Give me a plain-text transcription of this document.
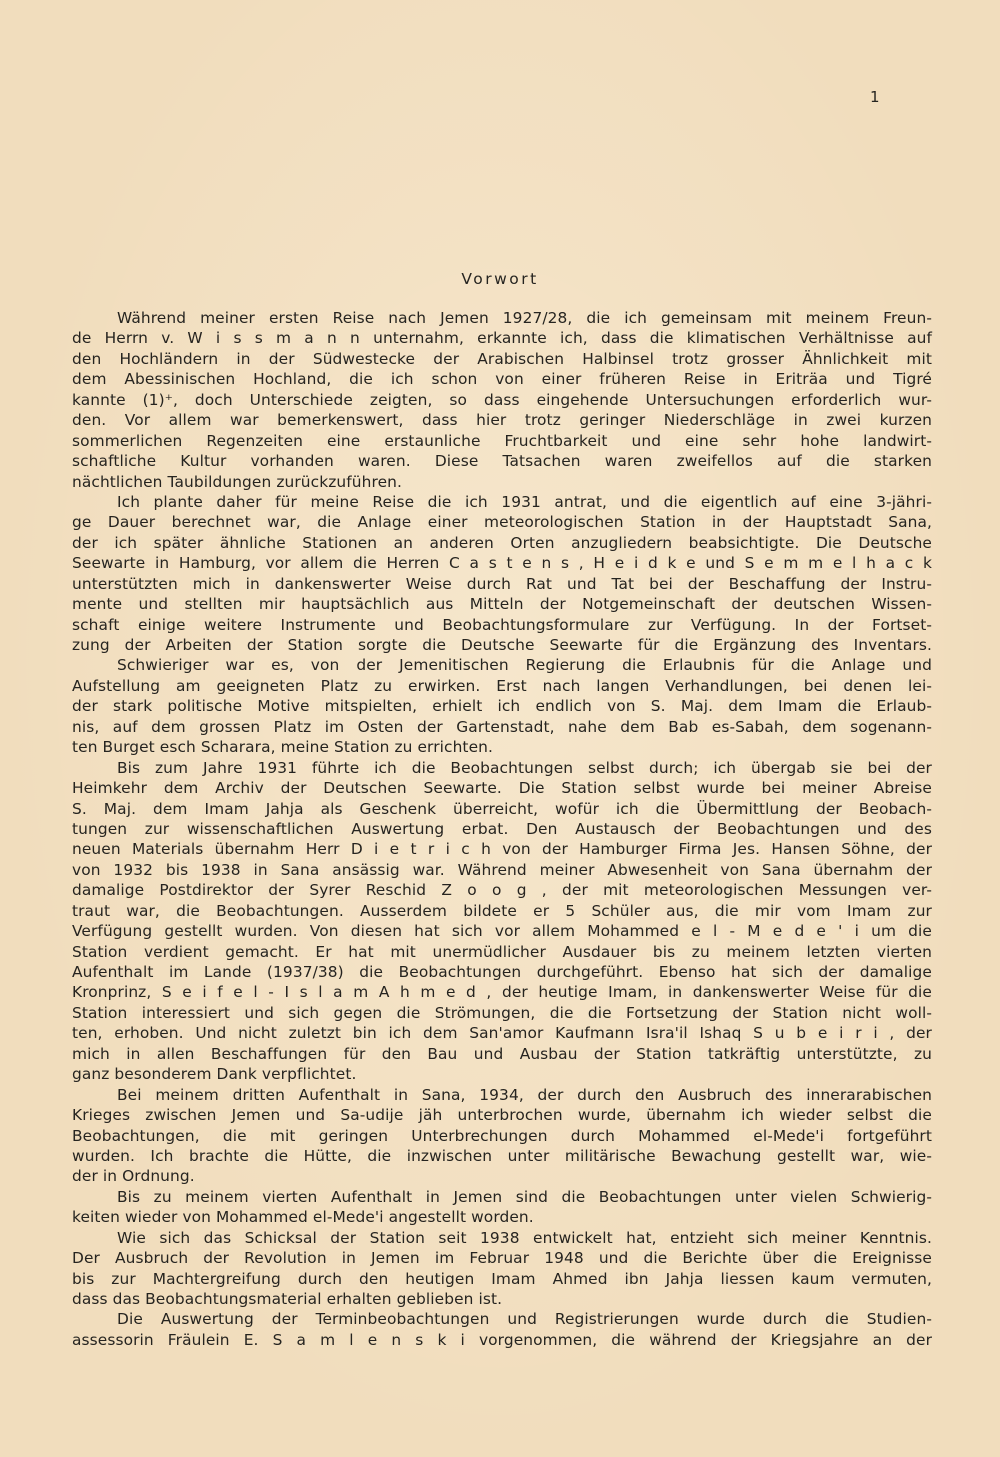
1
Vorwort
Während meiner ersten Reise nach Jemen 1927/28, die ich gemeinsam mit meinem Freun-
de Herrn v. W i s s m a n n unternahm, erkannte ich, dass die klimatischen Verhältnisse auf
den Hochländern in der Südwestecke der Arabischen Halbinsel trotz grosser Ähnlichkeit mit
dem Abessinischen Hochland, die ich schon von einer früheren Reise in Eriträa und Tigré
kannte (1)⁺, doch Unterschiede zeigten, so dass eingehende Untersuchungen erforderlich wur-
den. Vor allem war bemerkenswert, dass hier trotz geringer Niederschläge in zwei kurzen
sommerlichen Regenzeiten eine erstaunliche Fruchtbarkeit und eine sehr hohe landwirt-
schaftliche Kultur vorhanden waren. Diese Tatsachen waren zweifellos auf die starken
nächtlichen Taubildungen zurückzuführen.
Ich plante daher für meine Reise die ich 1931 antrat, und die eigentlich auf eine 3-jähri-
ge Dauer berechnet war, die Anlage einer meteorologischen Station in der Hauptstadt Sana,
der ich später ähnliche Stationen an anderen Orten anzugliedern beabsichtigte. Die Deutsche
Seewarte in Hamburg, vor allem die Herren C a s t e n s , H e i d k e und S e m m e l h a c k
unterstützten mich in dankenswerter Weise durch Rat und Tat bei der Beschaffung der Instru-
mente und stellten mir hauptsächlich aus Mitteln der Notgemeinschaft der deutschen Wissen-
schaft einige weitere Instrumente und Beobachtungsformulare zur Verfügung. In der Fortset-
zung der Arbeiten der Station sorgte die Deutsche Seewarte für die Ergänzung des Inventars.
Schwieriger war es, von der Jemenitischen Regierung die Erlaubnis für die Anlage und
Aufstellung am geeigneten Platz zu erwirken. Erst nach langen Verhandlungen, bei denen lei-
der stark politische Motive mitspielten, erhielt ich endlich von S. Maj. dem Imam die Erlaub-
nis, auf dem grossen Platz im Osten der Gartenstadt, nahe dem Bab es-Sabah, dem sogenann-
ten Burget esch Scharara, meine Station zu errichten.
Bis zum Jahre 1931 führte ich die Beobachtungen selbst durch; ich übergab sie bei der
Heimkehr dem Archiv der Deutschen Seewarte. Die Station selbst wurde bei meiner Abreise
S. Maj. dem Imam Jahja als Geschenk überreicht, wofür ich die Übermittlung der Beobach-
tungen zur wissenschaftlichen Auswertung erbat. Den Austausch der Beobachtungen und des
neuen Materials übernahm Herr D i e t r i c h von der Hamburger Firma Jes. Hansen Söhne, der
von 1932 bis 1938 in Sana ansässig war. Während meiner Abwesenheit von Sana übernahm der
damalige Postdirektor der Syrer Reschid Z o o g , der mit meteorologischen Messungen ver-
traut war, die Beobachtungen. Ausserdem bildete er 5 Schüler aus, die mir vom Imam zur
Verfügung gestellt wurden. Von diesen hat sich vor allem Mohammed e l - M e d e ' i um die
Station verdient gemacht. Er hat mit unermüdlicher Ausdauer bis zu meinem letzten vierten
Aufenthalt im Lande (1937/38) die Beobachtungen durchgeführt. Ebenso hat sich der damalige
Kronprinz, S e i f e l - I s l a m A h m e d , der heutige Imam, in dankenswerter Weise für die
Station interessiert und sich gegen die Strömungen, die die Fortsetzung der Station nicht woll-
ten, erhoben. Und nicht zuletzt bin ich dem San'amor Kaufmann Isra'il Ishaq S u b e i r i , der
mich in allen Beschaffungen für den Bau und Ausbau der Station tatkräftig unterstützte, zu
ganz besonderem Dank verpflichtet.
Bei meinem dritten Aufenthalt in Sana, 1934, der durch den Ausbruch des innerarabischen
Krieges zwischen Jemen und Sa-udije jäh unterbrochen wurde, übernahm ich wieder selbst die
Beobachtungen, die mit geringen Unterbrechungen durch Mohammed el-Mede'i fortgeführt
wurden. Ich brachte die Hütte, die inzwischen unter militärische Bewachung gestellt war, wie-
der in Ordnung.
Bis zu meinem vierten Aufenthalt in Jemen sind die Beobachtungen unter vielen Schwierig-
keiten wieder von Mohammed el-Mede'i angestellt worden.
Wie sich das Schicksal der Station seit 1938 entwickelt hat, entzieht sich meiner Kenntnis.
Der Ausbruch der Revolution in Jemen im Februar 1948 und die Berichte über die Ereignisse
bis zur Machtergreifung durch den heutigen Imam Ahmed ibn Jahja liessen kaum vermuten,
dass das Beobachtungsmaterial erhalten geblieben ist.
Die Auswertung der Terminbeobachtungen und Registrierungen wurde durch die Studien-
assessorin Fräulein E. S a m l e n s k i vorgenommen, die während der Kriegsjahre an der
